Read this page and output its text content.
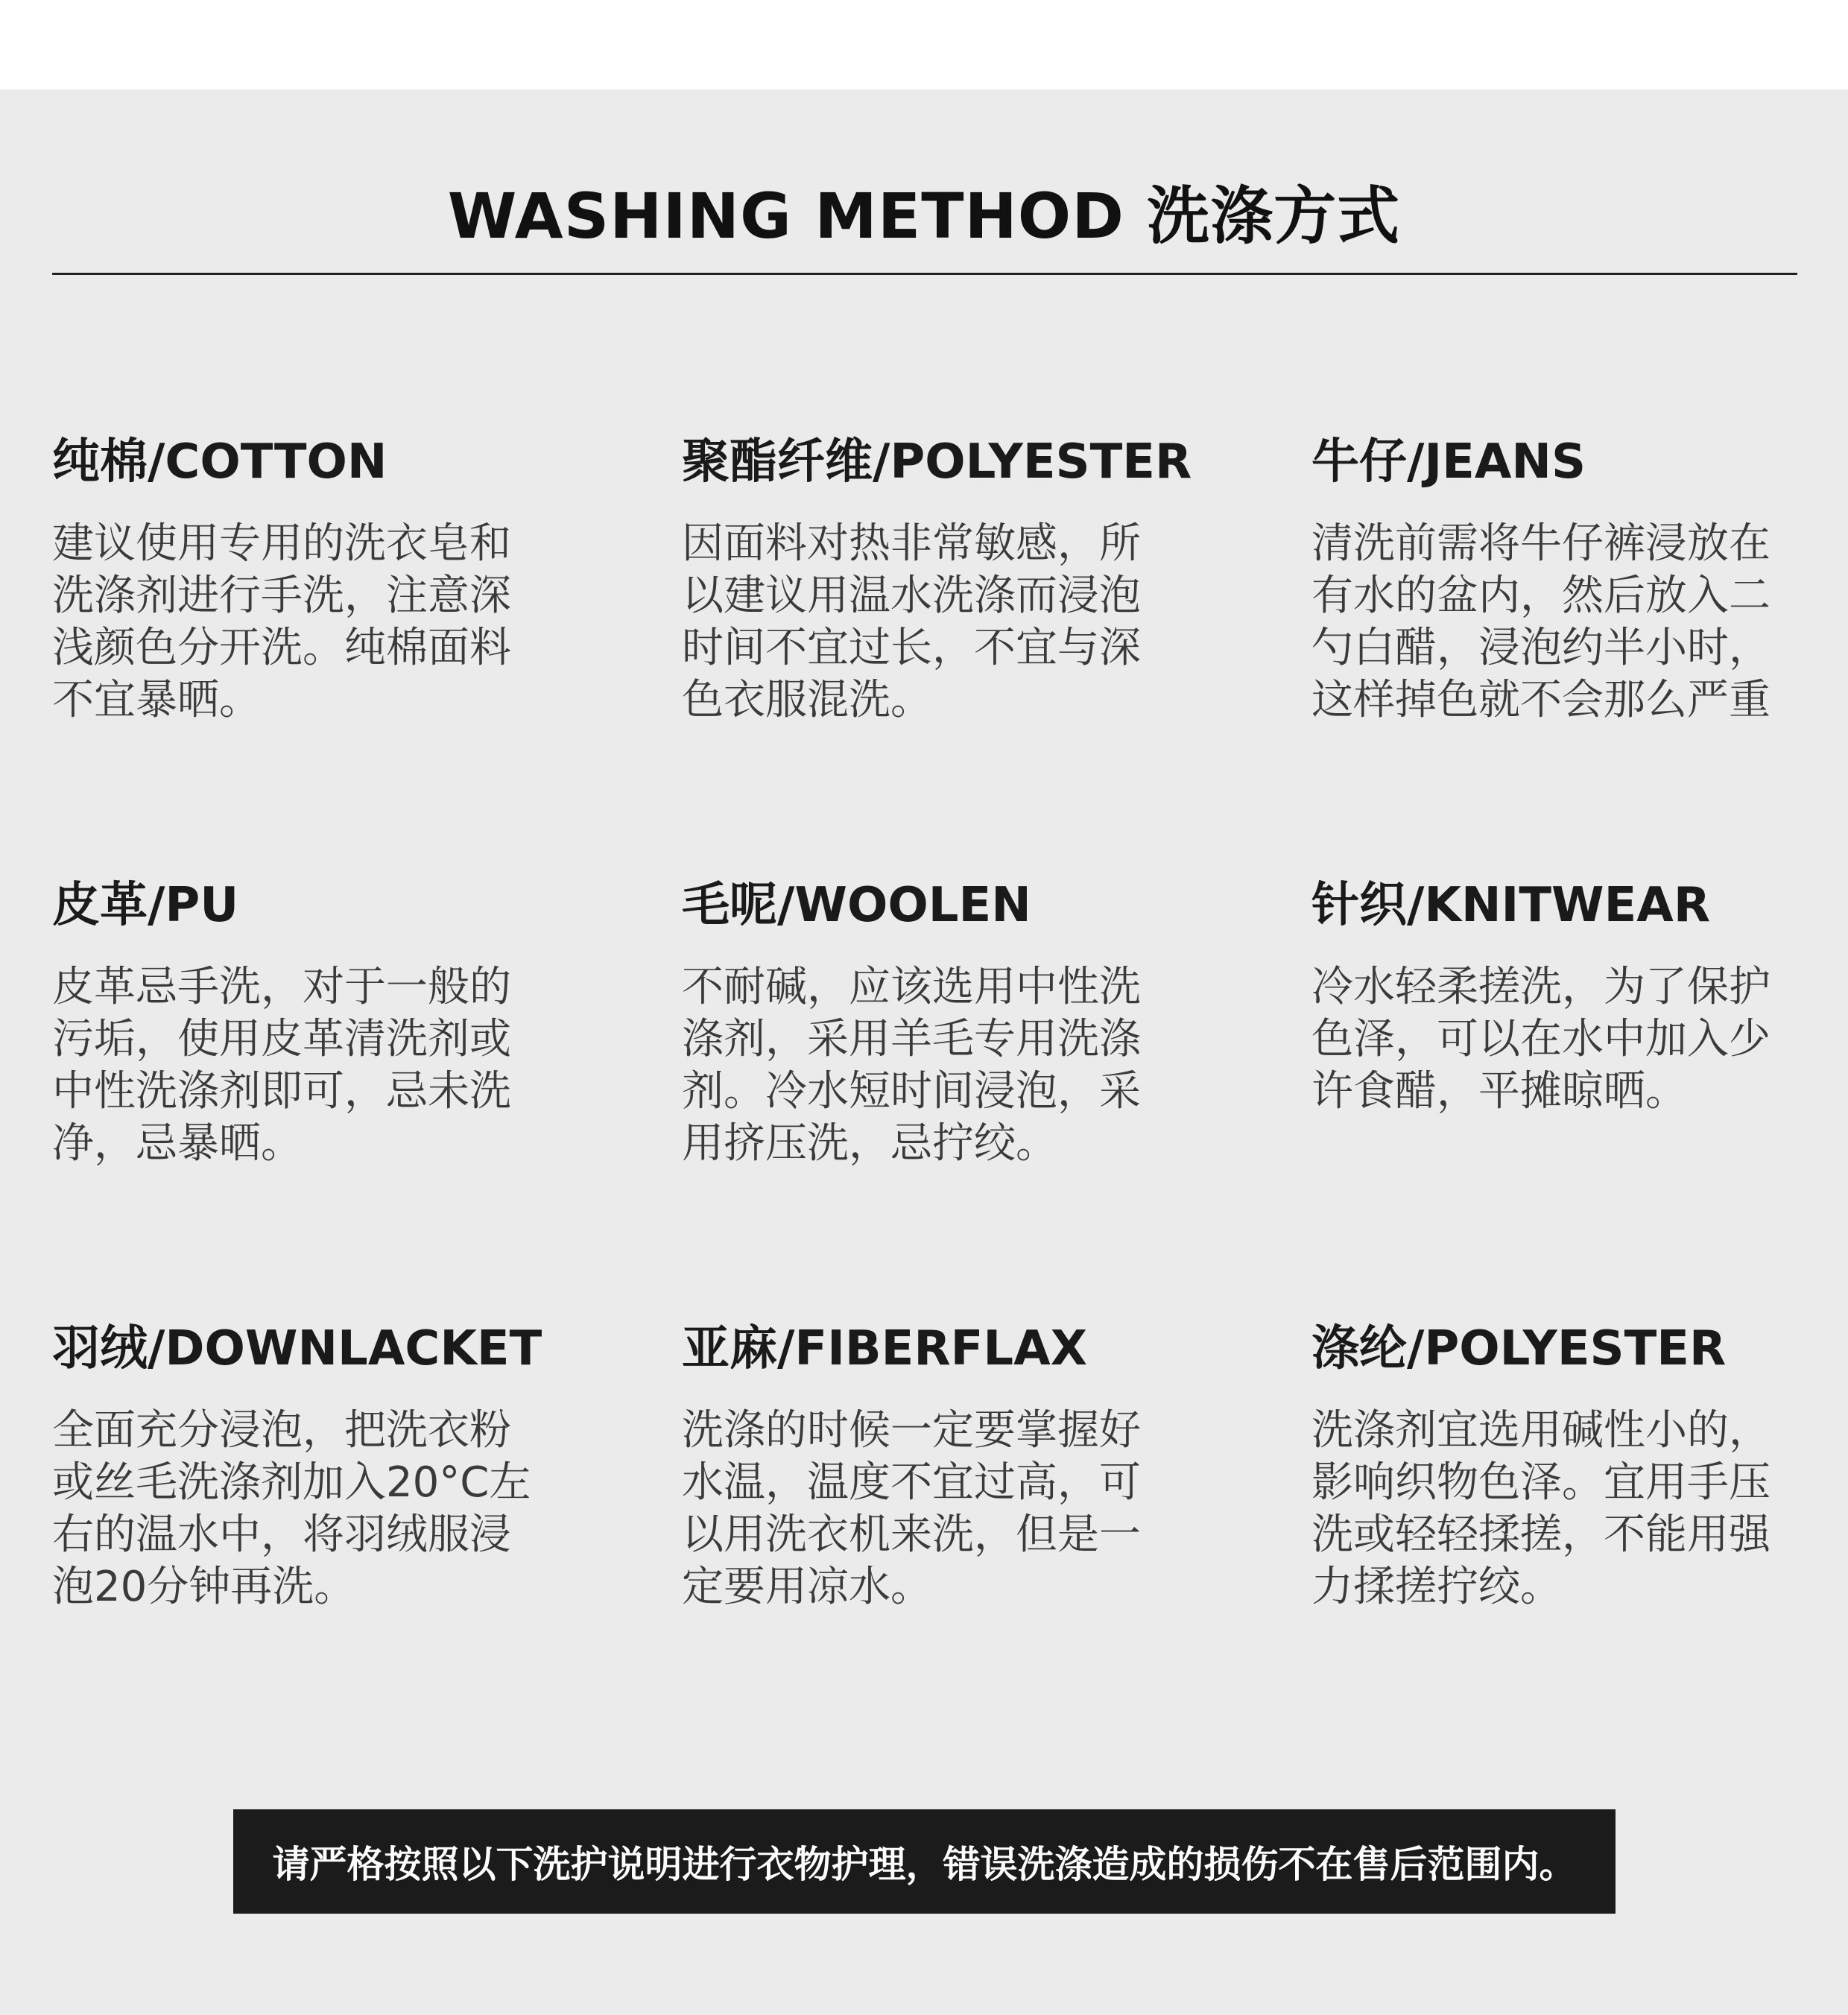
WASHING METHOD 洗涤方式
纯棉/COTTON
建议使用专用的洗衣皂和洗涤剂进行手洗，注意深浅颜色分开洗。纯棉面料不宜暴晒。
聚酯纤维/POLYESTER
因面料对热非常敏感，所以建议用温水洗涤而浸泡时间不宜过长，不宜与深色衣服混洗。
牛仔/JEANS
清洗前需将牛仔裤浸放在有水的盆内，然后放入二勺白醋，浸泡约半小时，这样掉色就不会那么严重
皮革/PU
皮革忌手洗，对于一般的污垢，使用皮革清洗剂或中性洗涤剂即可，忌未洗净，忌暴晒。
毛呢/WOOLEN
不耐碱，应该选用中性洗涤剂，采用羊毛专用洗涤剂。冷水短时间浸泡，采用挤压洗，忌拧绞。
针织/KNITWEAR
冷水轻柔搓洗，为了保护色泽，可以在水中加入少许食醋，平摊晾晒。
羽绒/DOWNLACKET
全面充分浸泡，把洗衣粉或丝毛洗涤剂加入20°C左右的温水中，将羽绒服浸泡20分钟再洗。
亚麻/FIBERFLAX
洗涤的时候一定要掌握好水温，温度不宜过高，可以用洗衣机来洗，但是一定要用凉水。
涤纶/POLYESTER
洗涤剂宜选用碱性小的，影响织物色泽。宜用手压洗或轻轻揉搓，不能用强力揉搓拧绞。
请严格按照以下洗护说明进行衣物护理，错误洗涤造成的损伤不在售后范围内。
